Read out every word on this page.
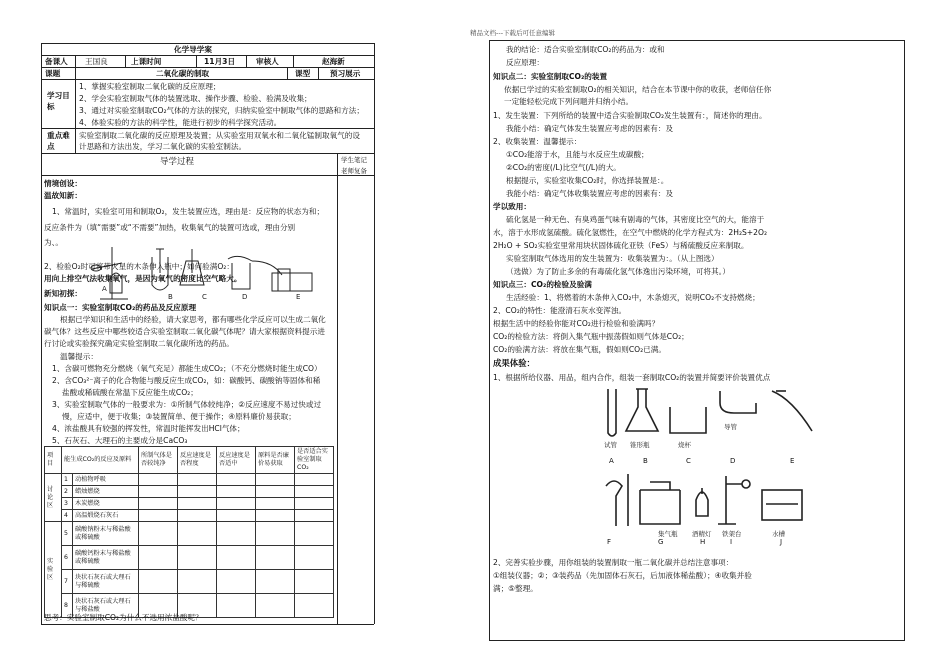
精品文档---下载后可任意编辑
化学导学案
备课人 王国良	上课时间	11月3日	审核人	赵海新
课题	二氧化碳的制取	课型	预习展示
学习目标
1、掌握实验室制取二氧化碳的反应原理；
2、学会实验室制取气体的装置选取、操作步骤、检验、验满及收集；
3、通过对实验室制取CO₂气体的方法的探究，归纳实验室中制取气体的思路和方法；
4、体验实验的方法的科学性，能进行初步的科学探究活动。
重点难点
实验室制取二氧化碳的反应原理及装置；从实验室用双氧水和二氧化锰制取氧气的设
计思路和方法出发，学习二氧化碳的实验室制法。
导学过程	学生笔记
老师复备
情境创设：
温故知新：
1、常温时，实验室可用和制取O₂，发生装置应选，理由是：反应物的状态为和；
反应条件为（填“需要”或“不需要”加热，收集氧气的装置可选或，理由分别
为、。
A
B	C	D	E
2、检验O₂时可将带火星的木条伸入瓶中；如何验满O₂：
用向上排空气法收集氧气，是因为氧气的密度比空气略大。
新知初探：
知识点一：实验室制取CO₂的药品及反应原理
根据已学知识和生活中的经验，请大家思考，都有哪些化学反应可以生成二氧化
碳气体？这些反应中哪些较适合实验室制取二氧化碳气体呢？请大家根据资料提示进
行讨论或实验探究确定实验室制取二氧化碳所选的药品。
温馨提示：
1、含碳可燃物充分燃烧（氧气充足）都能生成CO₂；（不充分燃烧时能生成CO）
2、含CO₃²⁻离子的化合物能与酸反应生成CO₂，如：碳酸钙、碳酸钠等固体和稀
盐酸或稀硫酸在常温下反应能生成CO₂；
3、实验室制取气体的一般要求为：①所制气体较纯净；②反应速度不易过快或过
慢，应适中，便于收集；③装置简单、便于操作；④原料廉价易获取；
4、浓盐酸具有较强的挥发性，常温时能挥发出HCl气体；
5、石灰石、大理石的主要成分是CaCO₃
项目	能生成CO₂的反应及原料		所制气体是否较纯净	反应速度是否程度	反应速度是否适中	原料是否廉价易获取	是否适合实验室制取CO₂
讨论区	1	动植物呼吸					
	2	蜡烛燃烧					
	3	木炭燃烧					
	4	高温煅烧石灰石					
实验区	5	碳酸钠粉末与稀盐酸或稀硫酸					
	6	碳酸钙粉末与稀盐酸或稀硫酸					
	7	块状石灰石或大理石与稀硫酸					
	8	块状石灰石或大理石与稀盐酸					
思考：实验室制取CO₂为什么不选用浓盐酸呢？
我的结论：适合实验室制取CO₂的药品为：或和
反应原理：
知识点二：实验室制取CO₂的装置
依据已学过的实验室制取O₂的相关知识，结合在本节课中你的收获，老师信任你
一定能轻松完成下列问题并归纳小结。
1、发生装置：下列所给的装置中适合实验制取CO₂发生装置有：，简述你的理由。
我能小结：确定气体发生装置应考虑的因素有：及
2、收集装置：温馨提示：
①CO₂能溶于水，且能与水反应生成碳酸；
②CO₂的密度(/L)比空气(/L)的大。
根据提示，实验室收集CO₂时，你选择装置是：。
我能小结：确定气体收集装置应考虑的因素有：及
学以致用：
硫化氢是一种无色、有臭鸡蛋气味有剧毒的气体，其密度比空气的大，能溶于
水，溶于水形成氢硫酸。硫化氢燃性，在空气中燃烧的化学方程式为：2H₂S+2O₂
2H₂O + SO₂实验室里常用块状固体硫化亚铁（FeS）与稀硫酸反应来制取。
实验室制取气体选用的发生装置为：收集装置为：。（从上图选）
（选做）为了防止多余的有毒硫化氢气体逸出污染环境，可将其。）
知识点三：CO₂的检验及验满
生活经验：1、将燃着的木条伸入CO₂中，木条熄灭，说明CO₂不支持燃烧；
2、CO₂的特性：能澄清石灰水变浑浊。
根据生活中的经验你能对CO₂进行检验和验满吗？
CO₂的检验方法：将倒入集气瓶中振荡假如则气体是CO₂；
CO₂的验满方法：将放在集气瓶，假如则CO₂已满。
成果体验：
1、根据所给仪器、用品，组内合作，组装一套制取CO₂的装置并简要评价装置优点
试管 锥形瓶	烧杯
导管
A	B	C	D	E
集气瓶 酒精灯 铁架台	水槽
F	G	H	I	J
2、完善实验步骤，用你组装的装置制取一瓶二氧化碳并总结注意事项：
①组装仪器；②；③装药品（先加固体石灰石，后加液体稀盐酸）；④收集并验
满；⑤整理。
